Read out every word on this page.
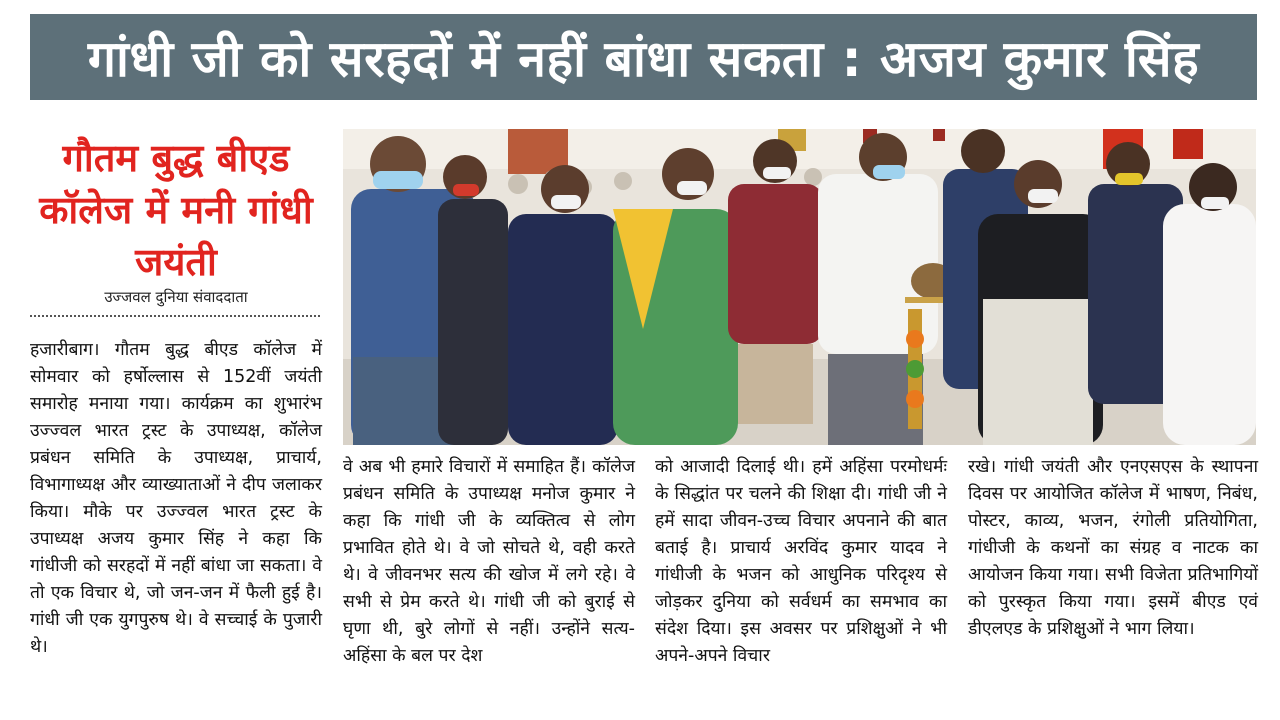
गांधी जी को सरहदों में नहीं बांधा सकता : अजय कुमार सिंह
गौतम बुद्ध बीएड कॉलेज में मनी गांधी जयंती
उज्जवल दुनिया संवाददाता

हजारीबाग। गौतम बुद्ध बीएड कॉलेज में सोमवार को हर्षोल्लास से 152वीं जयंती समारोह मनाया गया। कार्यक्रम का शुभारंभ उज्ज्वल भारत ट्रस्ट के उपाध्यक्ष, कॉलेज प्रबंधन समिति के उपाध्यक्ष, प्राचार्य, विभागाध्यक्ष और व्याख्याताओं ने दीप जलाकर किया। मौके पर उज्ज्वल भारत ट्रस्ट के उपाध्यक्ष अजय कुमार सिंह ने कहा कि गांधीजी को सरहदों में नहीं बांधा जा सकता। वे तो एक विचार थे, जो जन-जन में फैली हुई है। गांधी जी एक युगपुरुष थे। वे सच्चाई के पुजारी थे।

वे अब भी हमारे विचारों में समाहित हैं। कॉलेज प्रबंधन समिति के उपाध्यक्ष मनोज कुमार ने कहा कि गांधी जी के व्यक्तित्व से लोग प्रभावित होते थे। वे जो सोचते थे, वही करते थे। वे जीवनभर सत्य की खोज में लगे रहे। वे सभी से प्रेम करते थे। गांधी जी को बुराई से घृणा थी, बुरे लोगों से नहीं। उन्होंने सत्य-अहिंसा के बल पर देश

को आजादी दिलाई थी। हमें अहिंसा परमोधर्मः के सिद्धांत पर चलने की शिक्षा दी। गांधी जी ने हमें सादा जीवन-उच्च विचार अपनाने की बात बताई है। प्राचार्य अरविंद कुमार यादव ने गांधीजी के भजन को आधुनिक परिदृश्य से जोड़कर दुनिया को सर्वधर्म का समभाव का संदेश दिया। इस अवसर पर प्रशिक्षुओं ने भी अपने-अपने विचार

रखे। गांधी जयंती और एनएसएस के स्थापना दिवस पर आयोजित कॉलेज में भाषण, निबंध, पोस्टर, काव्य, भजन, रंगोली प्रतियोगिता, गांधीजी के कथनों का संग्रह व नाटक का आयोजन किया गया। सभी विजेता प्रतिभागियों को पुरस्कृत किया गया। इसमें बीएड एवं डीएलएड के प्रशिक्षुओं ने भाग लिया।
